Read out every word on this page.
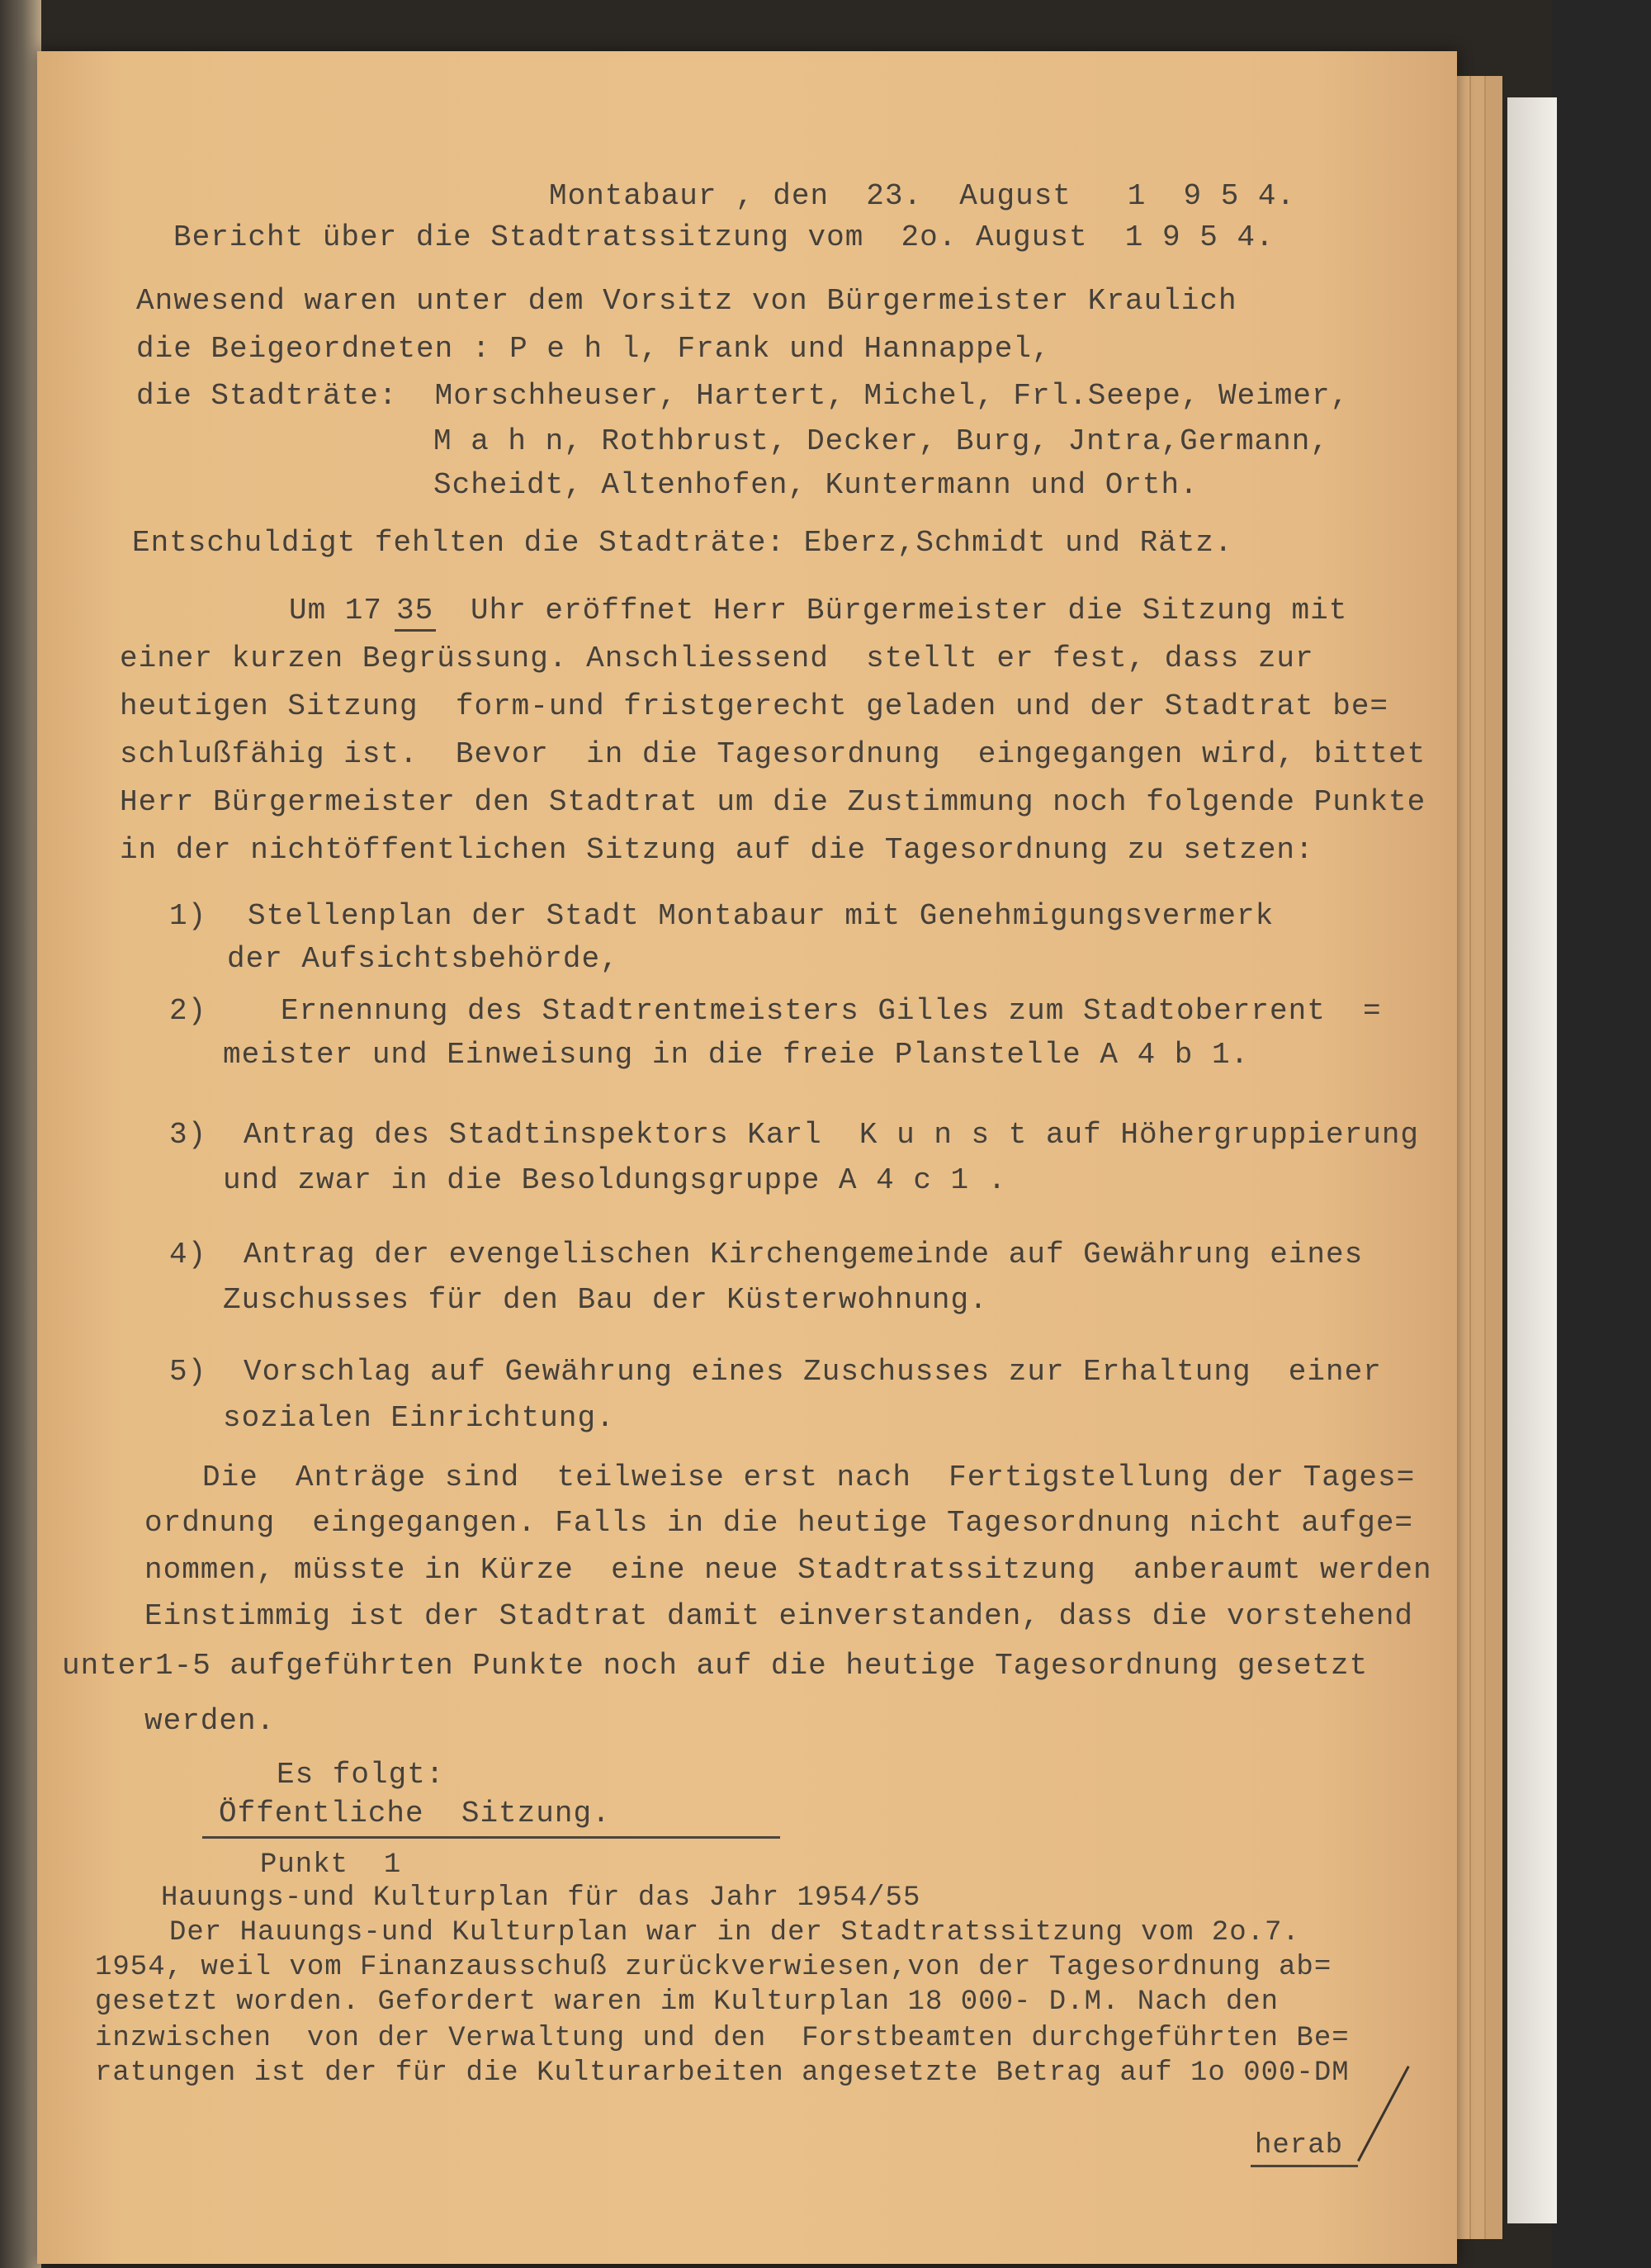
Montabaur , den  23.  August   1  9 5 4.
Bericht über die Stadtratssitzung vom  2o. August  1 9 5 4.
Anwesend waren unter dem Vorsitz von Bürgermeister Kraulich
die Beigeordneten : P e h l, Frank und Hannappel,
die Stadträte:  Morschheuser, Hartert, Michel, Frl.Seepe, Weimer,
M a h n, Rothbrust, Decker, Burg, Jntra,Germann,
Scheidt, Altenhofen, Kuntermann und Orth.
Entschuldigt fehlten die Stadträte: Eberz,Schmidt und Rätz.
Um 17 35 Uhr eröffnet Herr Bürgermeister die Sitzung mit
einer kurzen Begrüssung. Anschliessend  stellt er fest, dass zur
heutigen Sitzung  form-und fristgerecht geladen und der Stadtrat be=
schlußfähig ist.  Bevor  in die Tagesordnung  eingegangen wird, bittet
Herr Bürgermeister den Stadtrat um die Zustimmung noch folgende Punkte
in der nichtöffentlichen Sitzung auf die Tagesordnung zu setzen:
1) Stellenplan der Stadt Montabaur mit Genehmigungsvermerk
der Aufsichtsbehörde,
2) Ernennung des Stadtrentmeisters Gilles zum Stadtoberrent  =
meister und Einweisung in die freie Planstelle A 4 b 1.
3) Antrag des Stadtinspektors Karl  K u n s t auf Höhergruppierung
und zwar in die Besoldungsgruppe A 4 c 1 .
4) Antrag der evengelischen Kirchengemeinde auf Gewährung eines
Zuschusses für den Bau der Küsterwohnung.
5) Vorschlag auf Gewährung eines Zuschusses zur Erhaltung  einer
sozialen Einrichtung.
Die  Anträge sind  teilweise erst nach  Fertigstellung der Tages=
ordnung  eingegangen. Falls in die heutige Tagesordnung nicht aufge=
nommen, müsste in Kürze  eine neue Stadtratssitzung  anberaumt werden
Einstimmig ist der Stadtrat damit einverstanden, dass die vorstehend
unter1-5 aufgeführten Punkte noch auf die heutige Tagesordnung gesetzt
werden.
Es folgt:
Öffentliche  Sitzung.
Punkt  1
Hauungs-und Kulturplan für das Jahr 1954/55
Der Hauungs-und Kulturplan war in der Stadtratssitzung vom 2o.7.
1954, weil vom Finanzausschuß zurückverwiesen,von der Tagesordnung ab=
gesetzt worden. Gefordert waren im Kulturplan 18 000- D.M. Nach den
inzwischen  von der Verwaltung und den  Forstbeamten durchgeführten Be=
ratungen ist der für die Kulturarbeiten angesetzte Betrag auf 1o 000-DM
herab
